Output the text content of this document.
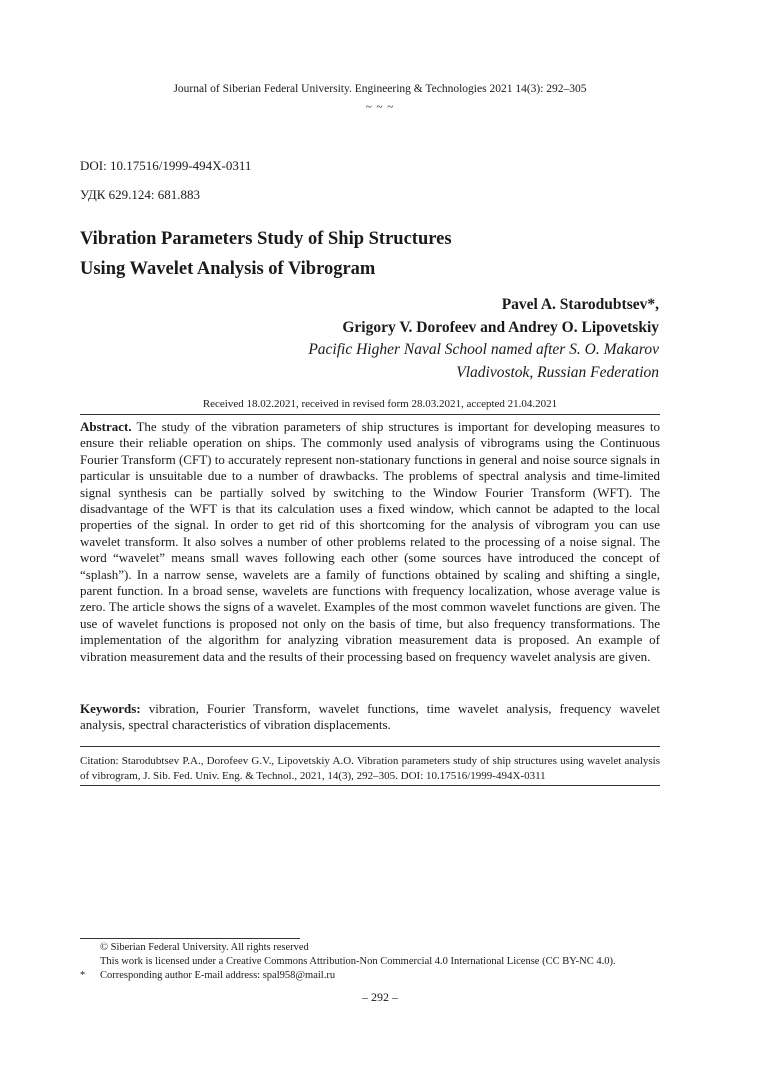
Journal of Siberian Federal University. Engineering & Technologies 2021 14(3): 292–305
~ ~ ~
DOI: 10.17516/1999-494X-0311
УДК 629.124: 681.883
Vibration Parameters Study of Ship Structures
Using Wavelet Analysis of Vibrogram
Pavel A. Starodubtsev*,
Grigory V. Dorofeev and Andrey O. Lipovetskiy
Pacific Higher Naval School named after S. O. Makarov
Vladivostok, Russian Federation
Received 18.02.2021, received in revised form 28.03.2021, accepted 21.04.2021
Abstract. The study of the vibration parameters of ship structures is important for developing measures to ensure their reliable operation on ships. The commonly used analysis of vibrograms using the Continuous Fourier Transform (CFT) to accurately represent non-stationary functions in general and noise source signals in particular is unsuitable due to a number of drawbacks. The problems of spectral analysis and time-limited signal synthesis can be partially solved by switching to the Window Fourier Transform (WFT). The disadvantage of the WFT is that its calculation uses a fixed window, which cannot be adapted to the local properties of the signal. In order to get rid of this shortcoming for the analysis of vibrogram you can use wavelet transform. It also solves a number of other problems related to the processing of a noise signal. The word “wavelet” means small waves following each other (some sources have introduced the concept of “splash”). In a narrow sense, wavelets are a family of functions obtained by scaling and shifting a single, parent function. In a broad sense, wavelets are functions with frequency localization, whose average value is zero. The article shows the signs of a wavelet. Examples of the most common wavelet functions are given. The use of wavelet functions is proposed not only on the basis of time, but also frequency transformations. The implementation of the algorithm for analyzing vibration measurement data is proposed. An example of vibration measurement data and the results of their processing based on frequency wavelet analysis are given.
Keywords: vibration, Fourier Transform, wavelet functions, time wavelet analysis, frequency wavelet analysis, spectral characteristics of vibration displacements.
Citation: Starodubtsev P.A., Dorofeev G.V., Lipovetskiy A.O. Vibration parameters study of ship structures using wavelet analysis of vibrogram, J. Sib. Fed. Univ. Eng. & Technol., 2021, 14(3), 292–305. DOI: 10.17516/1999-494X-0311
© Siberian Federal University. All rights reserved
This work is licensed under a Creative Commons Attribution-Non Commercial 4.0 International License (CC BY-NC 4.0).
* Corresponding author E-mail address: spal958@mail.ru
– 292 –
